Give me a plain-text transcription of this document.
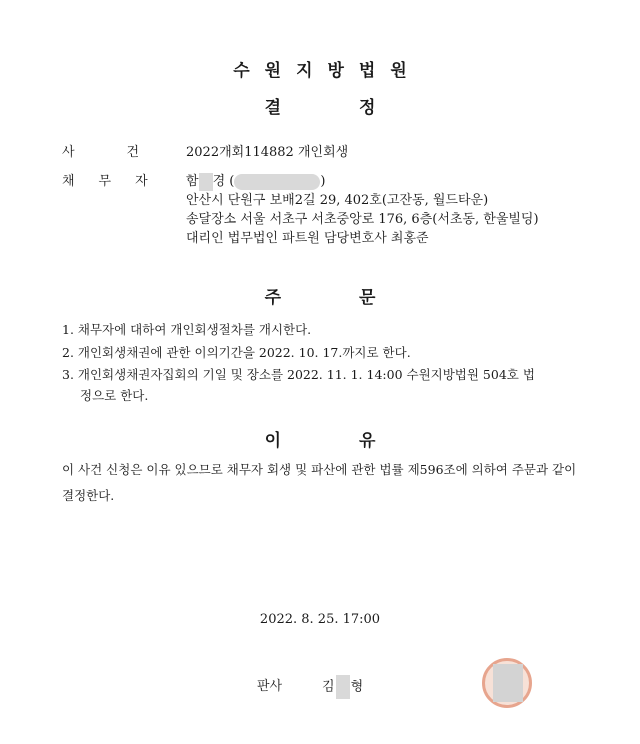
수원지방법원
결	정
사건
2022개회114882 개인회생
채무자 함 경 (	)
안산시 단원구 보배2길 29, 402호(고잔동, 월드타운)
송달장소 서울 서초구 서초중앙로 176, 6층(서초동, 한울빌딩)
대리인 법무법인 파트원 담당변호사 최홍준
주	문
1. 채무자에 대하여 개인회생절차를 개시한다.
2. 개인회생채권에 관한 이의기간을 2022. 10. 17.까지로 한다.
3. 개인회생채권자집회의 기일 및 장소를 2022. 11. 1. 14:00 수원지방법원 504호 법
정으로 한다.
이	유
이 사건 신청은 이유 있으므로 채무자 회생 및 파산에 관한 법률 제596조에 의하여 주문과 같이 결정한다.
2022. 8. 25. 17:00
판사	김 형
